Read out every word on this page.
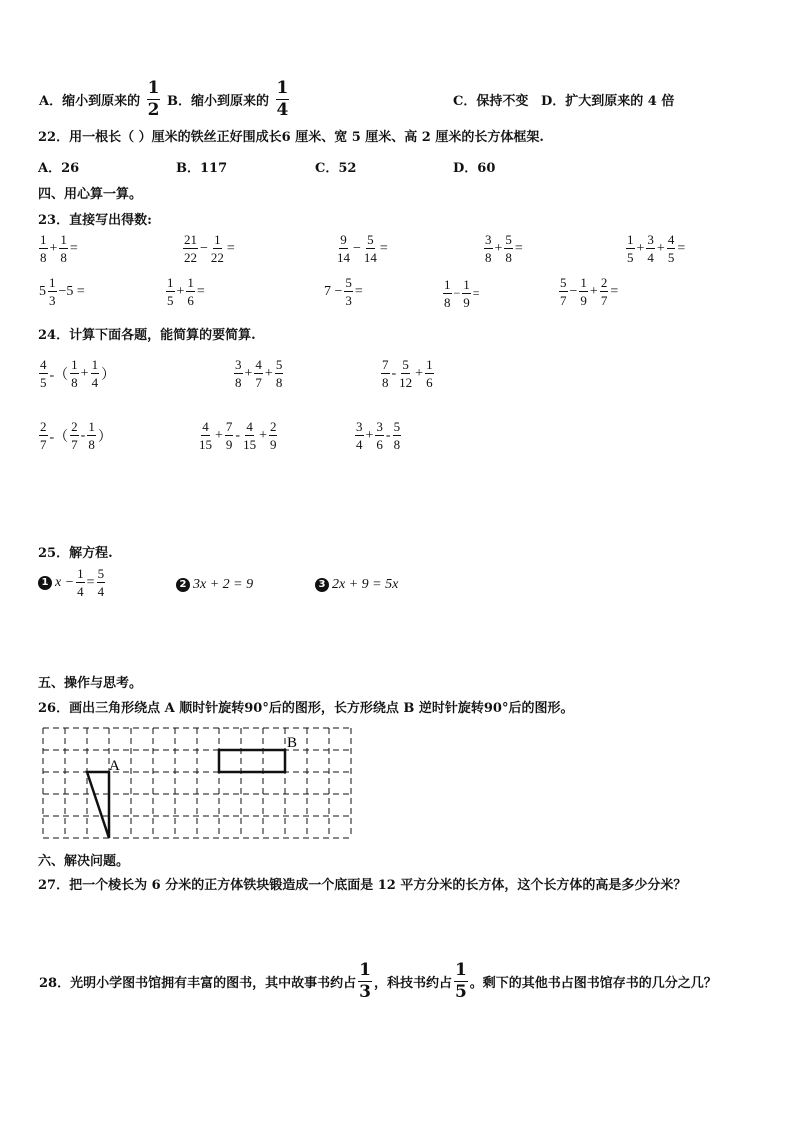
A．缩小到原来的 $\frac{1}{2}$ B．缩小到原来的 $\frac{1}{4}$	C．保持不变 D．扩大到原来的 4 倍
22．用一根长（ ）厘米的铁丝正好围成长6 厘米、宽 5 厘米、高 2 厘米的长方体框架.
A．26	B．117	C．52	D．60
四、用心算一算。
23．直接写出得数:
$\frac{1}{8} + \frac{1}{8}$ =	$\frac{21}{22} - \frac{1}{22}$ =	$\frac{9}{14} - \frac{5}{14}$ =	$\frac{3}{8} + \frac{5}{8}$ =	$\frac{1}{5} + \frac{3}{4} + \frac{4}{5}$ =
$5 \frac{1}{3} -5$ =	$\frac{1}{5} + \frac{1}{6}$ =	$7 - \frac{5}{3}$ =	$\frac{1}{8} - \frac{1}{9}$ =	$\frac{5}{7} - \frac{1}{9} + \frac{2}{7}$ =
24．计算下面各题，能简算的要简算.
$\frac{4}{5}$ -（ $\frac{1}{8} + \frac{1}{4}$ ）	$\frac{3}{8} + \frac{4}{7} + \frac{5}{8}$	$\frac{7}{8} - \frac{5}{12} + \frac{1}{6}$
$\frac{2}{7}$ -（ $\frac{2}{7} - \frac{1}{8}$ ）	$\frac{4}{15} + \frac{7}{9} - \frac{4}{15} + \frac{2}{9}$	$\frac{3}{4} + \frac{3}{6} - \frac{5}{8}$
25．解方程.
1 $x - \frac{1}{4} = \frac{5}{4}$	2 3x + 2 = 9	3 2x + 9 = 5x
五、操作与思考。
26．画出三角形绕点 A 顺时针旋转90°后的图形，长方形绕点 B 逆时针旋转90°后的图形。
A
B
六、解决问题。
27．把一个棱长为 6 分米的正方体铁块锻造成一个底面是 12 平方分米的长方体，这个长方体的高是多少分米？
28．光明小学图书馆拥有丰富的图书，其中故事书约占 $\frac{1}{3}$ ，科技书约占 $\frac{1}{5}$ 。剩下的其他书占图书馆存书的几分之几？
